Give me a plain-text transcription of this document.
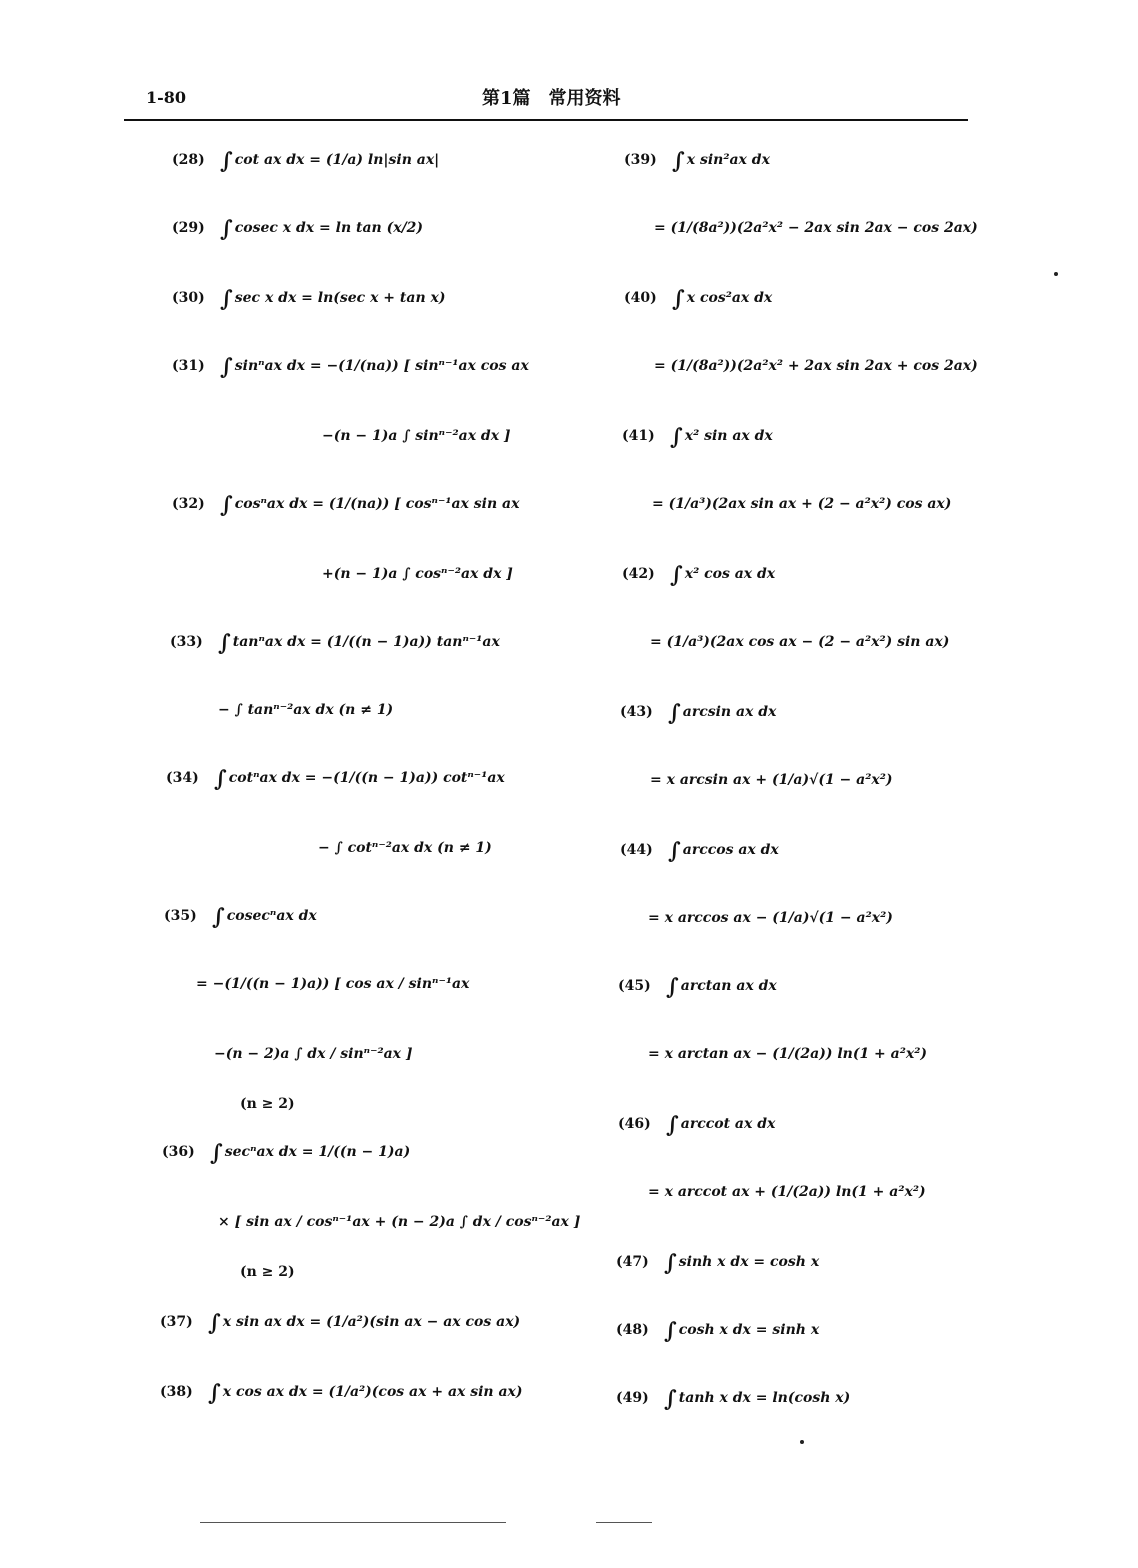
1-80	第1篇　常用资料
(28) ∫ cot ax dx = (1/a) ln|sin ax|
(29) ∫ cosec x dx = ln tan (x/2)
(30) ∫ sec x dx = ln(sec x + tan x)
(31) ∫ sinⁿax dx = −(1/(na)) [ sinⁿ⁻¹ax cos ax
−(n − 1)a ∫ sinⁿ⁻²ax dx ]
(32) ∫ cosⁿax dx = (1/(na)) [ cosⁿ⁻¹ax sin ax
+(n − 1)a ∫ cosⁿ⁻²ax dx ]
(33) ∫ tanⁿax dx = (1/((n − 1)a)) tanⁿ⁻¹ax
− ∫ tanⁿ⁻²ax dx (n ≠ 1)
(34) ∫ cotⁿax dx = −(1/((n − 1)a)) cotⁿ⁻¹ax
− ∫ cotⁿ⁻²ax dx (n ≠ 1)
(35) ∫ cosecⁿax dx
= −(1/((n − 1)a)) [ cos ax / sinⁿ⁻¹ax
−(n − 2)a ∫ dx / sinⁿ⁻²ax ]
(n ≥ 2)
(36) ∫ secⁿax dx = 1/((n − 1)a)
× [ sin ax / cosⁿ⁻¹ax + (n − 2)a ∫ dx / cosⁿ⁻²ax ]
(n ≥ 2)
(37) ∫ x sin ax dx = (1/a²)(sin ax − ax cos ax)
(38) ∫ x cos ax dx = (1/a²)(cos ax + ax sin ax)
(39) ∫ x sin²ax dx
= (1/(8a²))(2a²x² − 2ax sin 2ax − cos 2ax)
(40) ∫ x cos²ax dx
= (1/(8a²))(2a²x² + 2ax sin 2ax + cos 2ax)
(41) ∫ x² sin ax dx
= (1/a³)(2ax sin ax + (2 − a²x²) cos ax)
(42) ∫ x² cos ax dx
= (1/a³)(2ax cos ax − (2 − a²x²) sin ax)
(43) ∫ arcsin ax dx
= x arcsin ax + (1/a)√(1 − a²x²)
(44) ∫ arccos ax dx
= x arccos ax − (1/a)√(1 − a²x²)
(45) ∫ arctan ax dx
= x arctan ax − (1/(2a)) ln(1 + a²x²)
(46) ∫ arccot ax dx
= x arccot ax + (1/(2a)) ln(1 + a²x²)
(47) ∫ sinh x dx = cosh x
(48) ∫ cosh x dx = sinh x
(49) ∫ tanh x dx = ln(cosh x)
